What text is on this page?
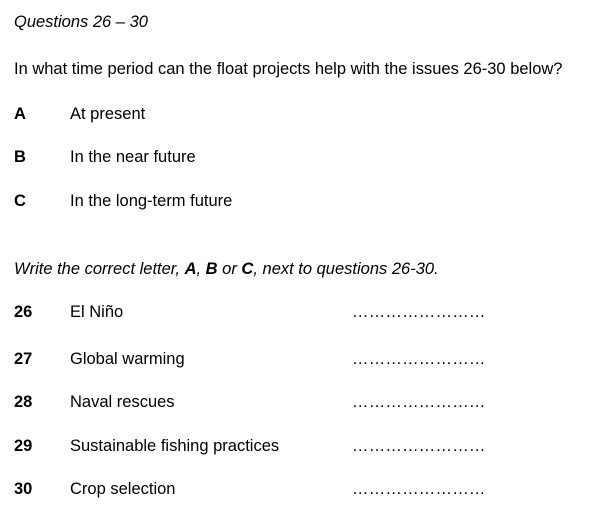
Questions 26 – 30
In what time period can the float projects help with the issues 26-30 below?
A	At present
B	In the near future
C	In the long-term future
Write the correct letter, A, B or C, next to questions 26-30.
26 El Niño	……………………
27 Global warming	……………………
28 Naval rescues	……………………
29 Sustainable fishing practices	……………………
30 Crop selection	……………………
